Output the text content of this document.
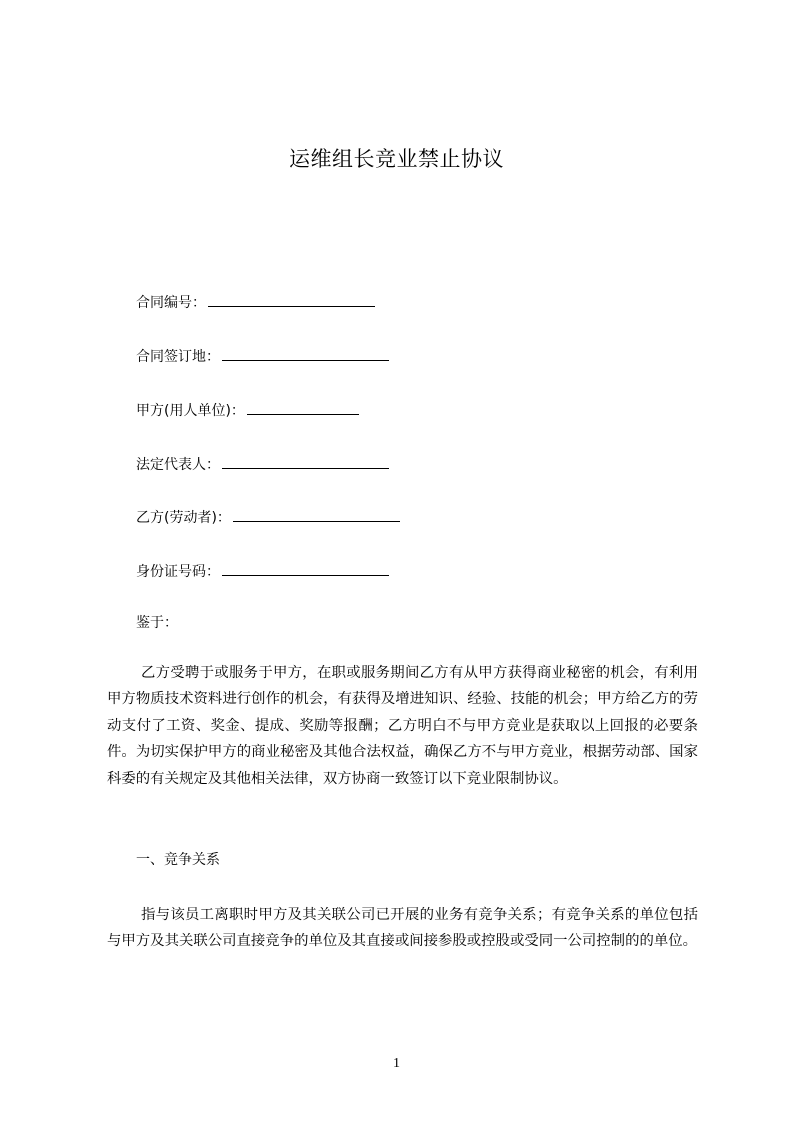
运维组长竞业禁止协议
合同编号：
合同签订地：
甲方(用人单位)：
法定代表人：
乙方(劳动者)：
身份证号码：
鉴于：
乙方受聘于或服务于甲方，在职或服务期间乙方有从甲方获得商业秘密的机会，有利用甲方物质技术资料进行创作的机会，有获得及增进知识、经验、技能的机会；甲方给乙方的劳动支付了工资、奖金、提成、奖励等报酬；乙方明白不与甲方竞业是获取以上回报的必要条件。为切实保护甲方的商业秘密及其他合法权益，确保乙方不与甲方竞业，根据劳动部、国家科委的有关规定及其他相关法律，双方协商一致签订以下竞业限制协议。
一、竞争关系
指与该员工离职时甲方及其关联公司已开展的业务有竞争关系；有竞争关系的单位包括与甲方及其关联公司直接竞争的单位及其直接或间接参股或控股或受同一公司控制的的单位。
1
